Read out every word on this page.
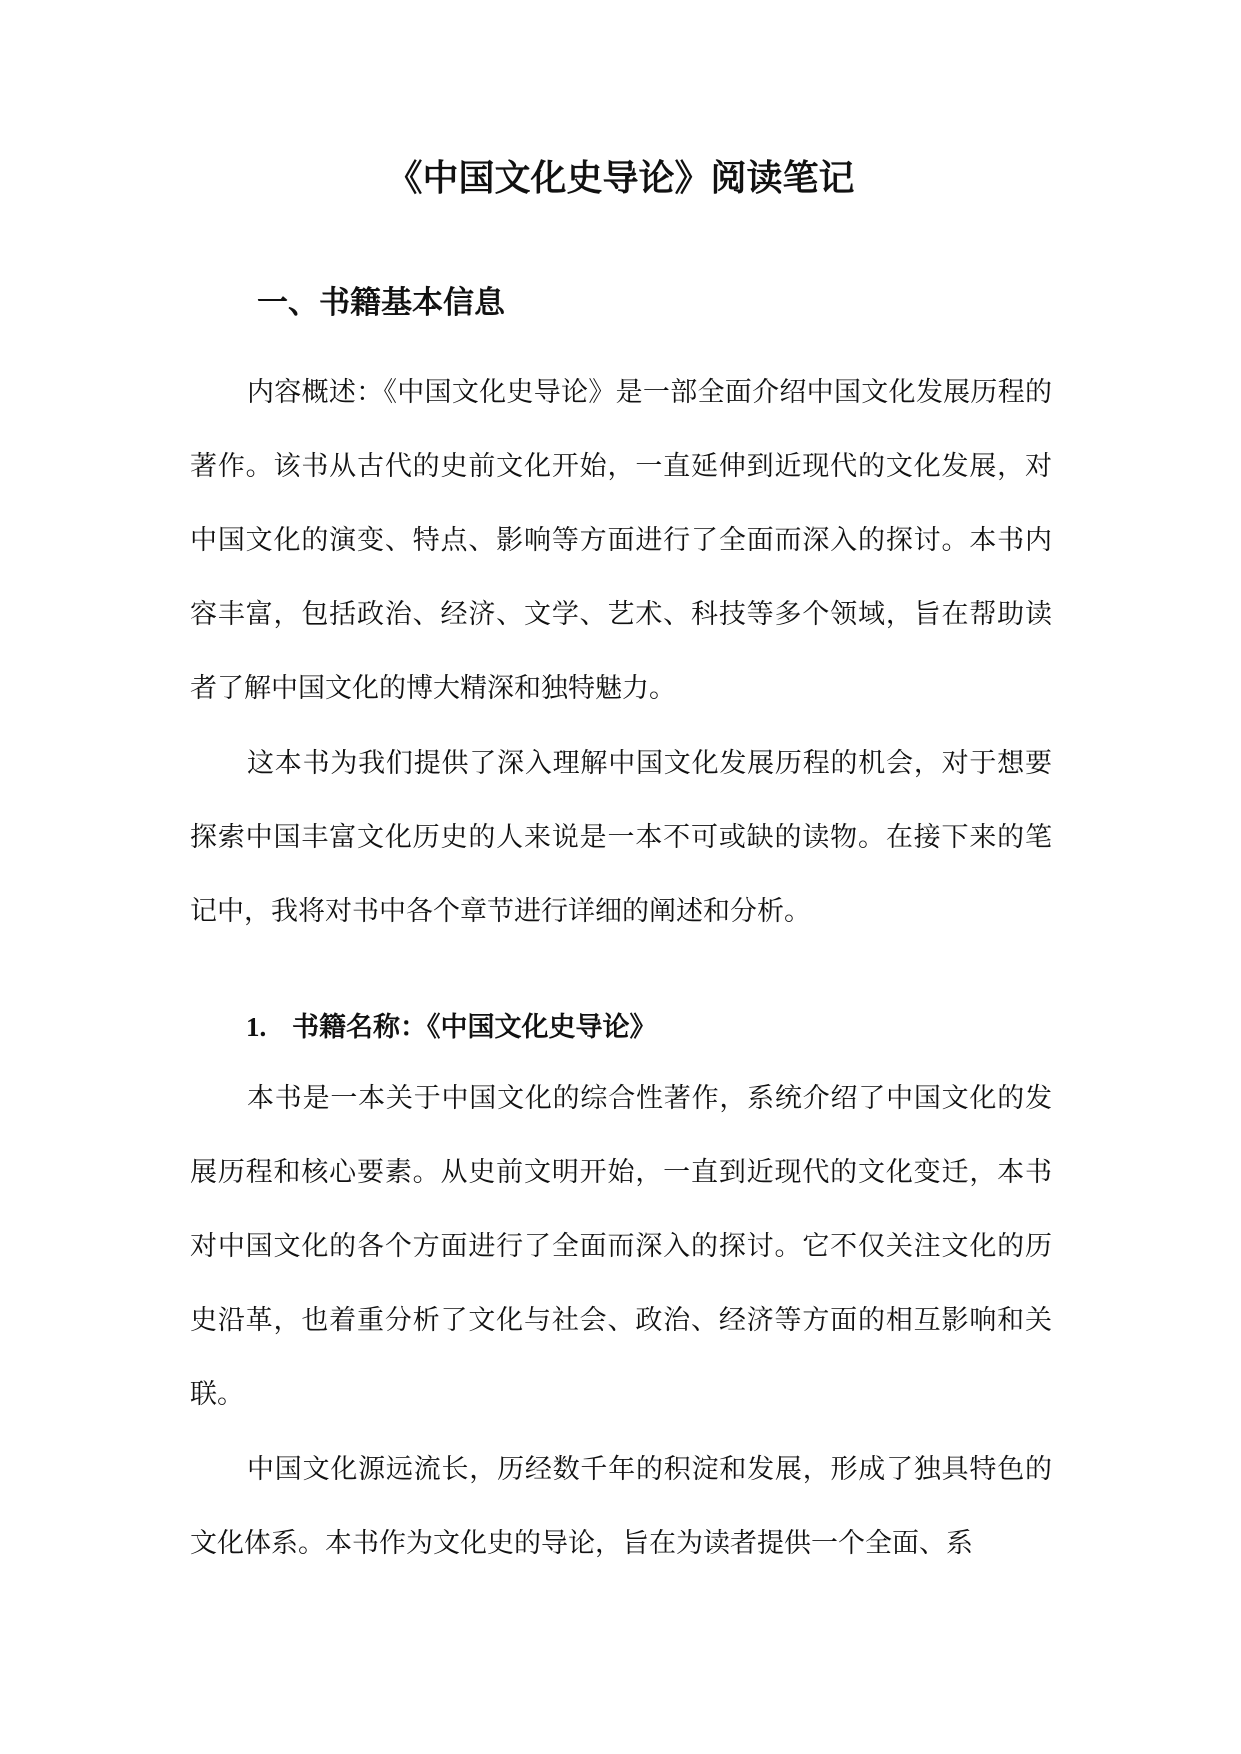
《中国文化史导论》阅读笔记
一、书籍基本信息

内容概述：《中国文化史导论》是一部全面介绍中国文化发展历程的著作。该书从古代的史前文化开始，一直延伸到近现代的文化发展，对中国文化的演变、特点、影响等方面进行了全面而深入的探讨。本书内容丰富，包括政治、经济、文学、艺术、科技等多个领域，旨在帮助读者了解中国文化的博大精深和独特魅力。

这本书为我们提供了深入理解中国文化发展历程的机会，对于想要探索中国丰富文化历史的人来说是一本不可或缺的读物。在接下来的笔记中，我将对书中各个章节进行详细的阐述和分析。

1. 书籍名称：《中国文化史导论》

本书是一本关于中国文化的综合性著作，系统介绍了中国文化的发展历程和核心要素。从史前文明开始，一直到近现代的文化变迁，本书对中国文化的各个方面进行了全面而深入的探讨。它不仅关注文化的历史沿革，也着重分析了文化与社会、政治、经济等方面的相互影响和关联。

中国文化源远流长，历经数千年的积淀和发展，形成了独具特色的文化体系。本书作为文化史的导论，旨在为读者提供一个全面、系
